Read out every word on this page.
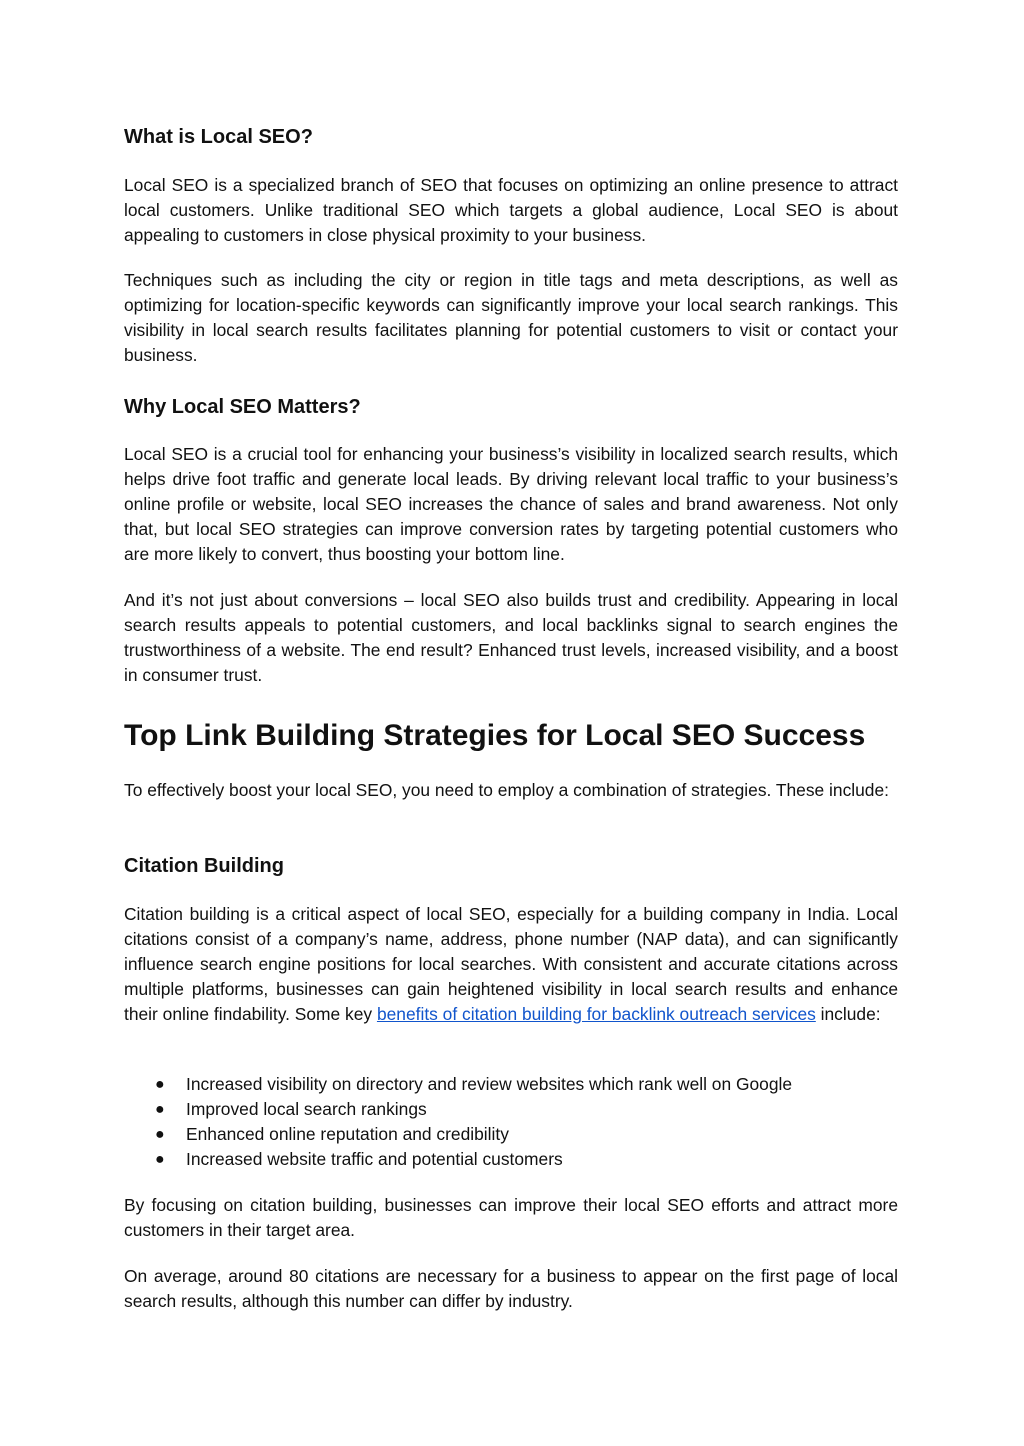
What is Local SEO?

Local SEO is a specialized branch of SEO that focuses on optimizing an online presence to attract local customers. Unlike traditional SEO which targets a global audience, Local SEO is about appealing to customers in close physical proximity to your business.

Techniques such as including the city or region in title tags and meta descriptions, as well as optimizing for location-specific keywords can significantly improve your local search rankings. This visibility in local search results facilitates planning for potential customers to visit or contact your business.

Why Local SEO Matters?

Local SEO is a crucial tool for enhancing your business’s visibility in localized search results, which helps drive foot traffic and generate local leads. By driving relevant local traffic to your business’s online profile or website, local SEO increases the chance of sales and brand awareness. Not only that, but local SEO strategies can improve conversion rates by targeting potential customers who are more likely to convert, thus boosting your bottom line.

And it’s not just about conversions – local SEO also builds trust and credibility. Appearing in local search results appeals to potential customers, and local backlinks signal to search engines the trustworthiness of a website. The end result? Enhanced trust levels, increased visibility, and a boost in consumer trust.

Top Link Building Strategies for Local SEO Success

To effectively boost your local SEO, you need to employ a combination of strategies. These include:

Citation Building

Citation building is a critical aspect of local SEO, especially for a building company in India. Local citations consist of a company’s name, address, phone number (NAP data), and can significantly influence search engine positions for local searches. With consistent and accurate citations across multiple platforms, businesses can gain heightened visibility in local search results and enhance their online findability. Some key benefits of citation building for backlink outreach services include:

● Increased visibility on directory and review websites which rank well on Google
● Improved local search rankings
● Enhanced online reputation and credibility
● Increased website traffic and potential customers

By focusing on citation building, businesses can improve their local SEO efforts and attract more customers in their target area.

On average, around 80 citations are necessary for a business to appear on the first page of local search results, although this number can differ by industry.
